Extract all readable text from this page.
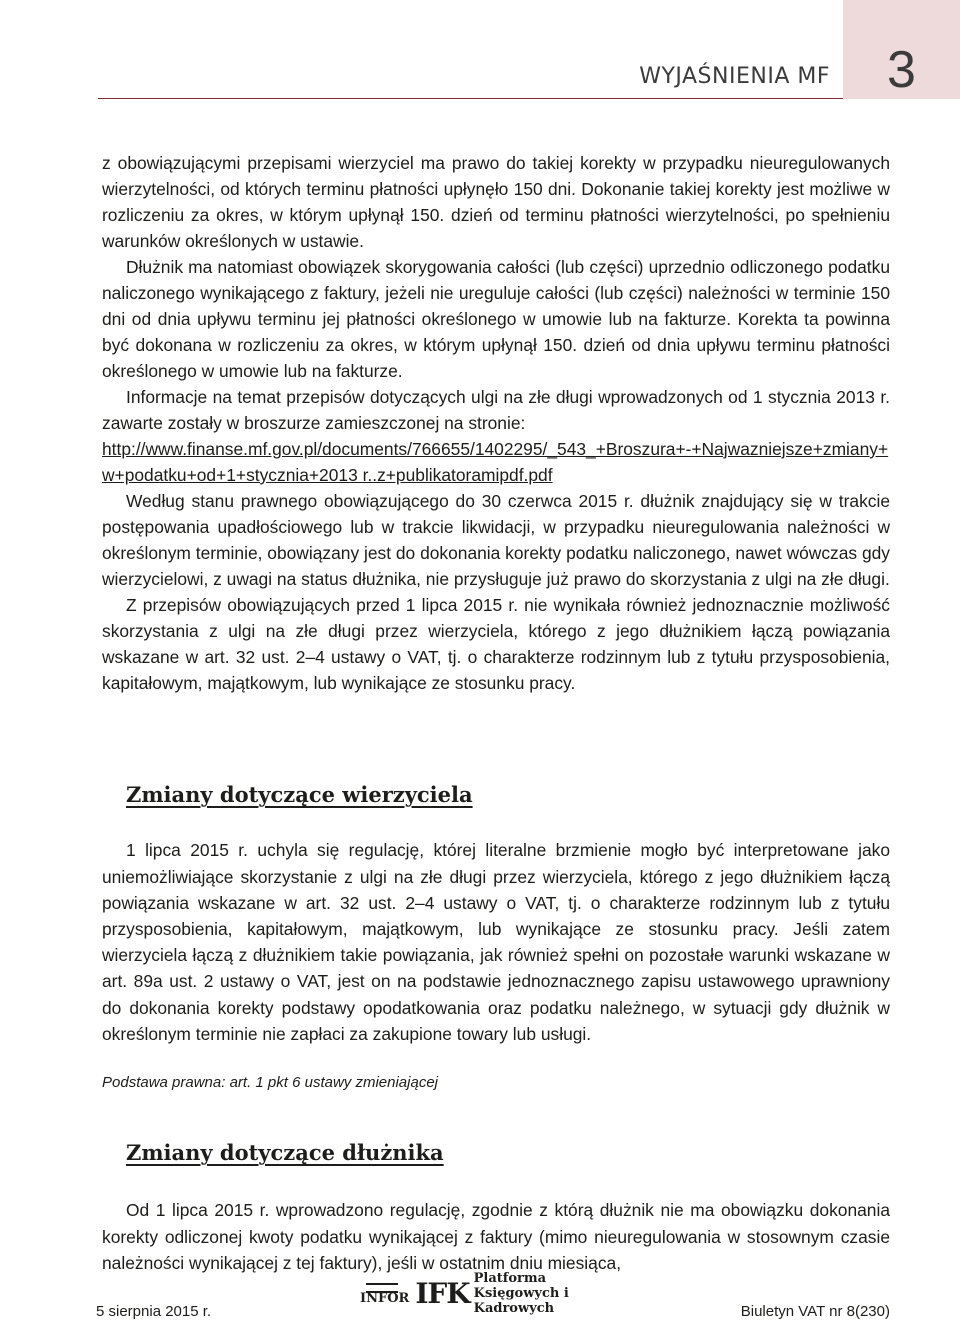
3
WYJAŚNIENIA MF

z obowiązującymi przepisami wierzyciel ma prawo do takiej korekty w przypadku nieuregulowanych wierzytelności, od których terminu płatności upłynęło 150 dni. Dokonanie takiej korekty jest możliwe w rozliczeniu za okres, w którym upłynął 150. dzień od terminu płatności wierzytelności, po spełnieniu warunków określonych w ustawie.

Dłużnik ma natomiast obowiązek skorygowania całości (lub części) uprzednio odliczonego podatku naliczonego wynikającego z faktury, jeżeli nie ureguluje całości (lub części) należności w terminie 150 dni od dnia upływu terminu jej płatności określonego w umowie lub na fakturze. Korekta ta powinna być dokonana w rozliczeniu za okres, w którym upłynął 150. dzień od dnia upływu terminu płatności określonego w umowie lub na fakturze.

Informacje na temat przepisów dotyczących ulgi na złe długi wprowadzonych od 1 stycznia 2013 r. zawarte zostały w broszurze zamieszczonej na stronie:

http://www.finanse.mf.gov.pl/documents/766655/1402295/_543_+Broszura+-+Najwazniejsze+zmiany+w+podatku+od+1+stycznia+2013 r..z+publikatoramipdf.pdf

Według stanu prawnego obowiązującego do 30 czerwca 2015 r. dłużnik znajdujący się w trakcie postępowania upadłościowego lub w trakcie likwidacji, w przypadku nieuregulowania należności w określonym terminie, obowiązany jest do dokonania korekty podatku naliczonego, nawet wówczas gdy wierzycielowi, z uwagi na status dłużnika, nie przysługuje już prawo do skorzystania z ulgi na złe długi.

Z przepisów obowiązujących przed 1 lipca 2015 r. nie wynikała również jednoznacznie możliwość skorzystania z ulgi na złe długi przez wierzyciela, którego z jego dłużnikiem łączą powiązania wskazane w art. 32 ust. 2–4 ustawy o VAT, tj. o charakterze rodzinnym lub z tytułu przysposobienia, kapitałowym, majątkowym, lub wynikające ze stosunku pracy.

Zmiany dotyczące wierzyciela

1 lipca 2015 r. uchyla się regulację, której literalne brzmienie mogło być interpretowane jako uniemożliwiające skorzystanie z ulgi na złe długi przez wierzyciela, którego z jego dłużnikiem łączą powiązania wskazane w art. 32 ust. 2–4 ustawy o VAT, tj. o charakterze rodzinnym lub z tytułu przysposobienia, kapitałowym, majątkowym, lub wynikające ze stosunku pracy. Jeśli zatem wierzyciela łączą z dłużnikiem takie powiązania, jak również spełni on pozostałe warunki wskazane w art. 89a ust. 2 ustawy o VAT, jest on na podstawie jednoznacznego zapisu ustawowego uprawniony do dokonania korekty podstawy opodatkowania oraz podatku należnego, w sytuacji gdy dłużnik w określonym terminie nie zapłaci za zakupione towary lub usługi.

Podstawa prawna: art. 1 pkt 6 ustawy zmieniającej
Zmiany dotyczące dłużnika

Od 1 lipca 2015 r. wprowadzono regulację, zgodnie z którą dłużnik nie ma obowiązku dokonania korekty odliczonej kwoty podatku wynikającej z faktury (mimo nieuregulowania w stosownym czasie należności wynikającej z tej faktury), jeśli w ostatnim dniu miesiąca,

5 sierpnia 2015 r.
INFOR IFK Platforma
Księgowych i Kadrowych	Biuletyn VAT nr 8(230)
